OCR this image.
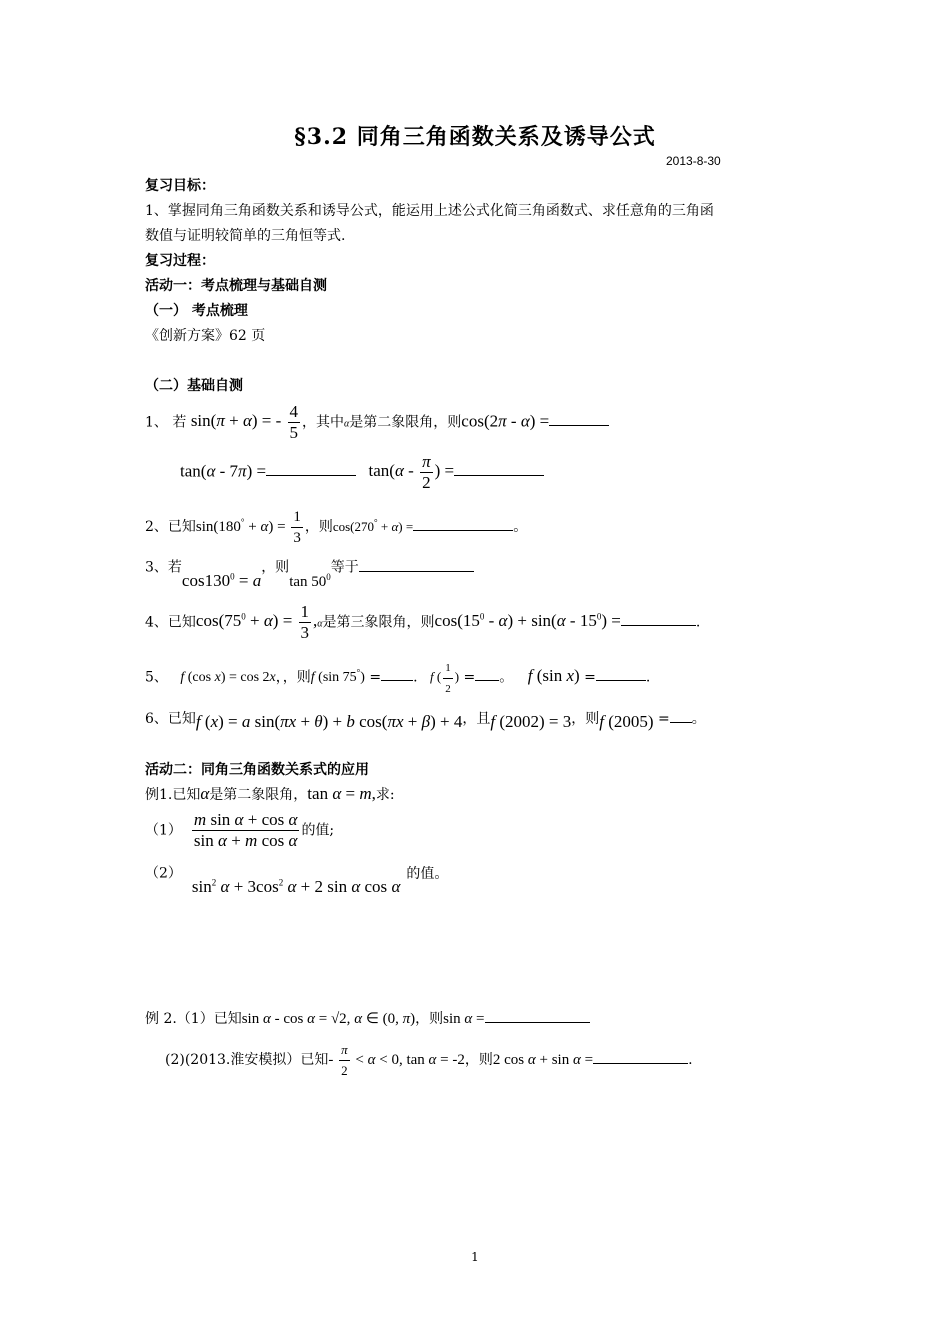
§3.2 同角三角函数关系及诱导公式
2013-8-30
复习目标：
1、掌握同角三角函数关系和诱导公式，能运用上述公式化简三角函数式、求任意角的三角函
数值与证明较简单的三角恒等式.
复习过程：
活动一：考点梳理与基础自测
（一） 考点梳理
《创新方案》62 页
（二）基础自测
1、 若 sin(π + α) = - $\frac{4}{5}$ ，其中α是第二象限角，则cos(2π - α) =
tan(α - 7π) =	$\tan(\alpha - \frac{\pi}{2}$ ) =
2、已知$\sin(180^\circ + \alpha) = \frac{1}{3}$ ，则cos(270° + α) =	。
3、若$\cos 130^0 = a$，则$\tan 50^0$等于
4、已知$\cos(75^0 + \alpha) = \frac{1}{3} ,\alpha$是第三象限角，则$\cos(15^0 - \alpha) + \sin(\alpha - 15^0)$ =	.
5、 f (cos x) = cos 2x，，则f (sin 75°) = . f ( $\frac{1}{2}$ ) = 。 f (sin x) =	.
6、已知f (x) = a sin(πx + θ) + b cos(πx + β) + 4，且f (2002) = 3，则f (2005) = 。
活动二：同角三角函数关系式的应用
例1.已知α是第二象限角，tan α = m,求:
$(1) \frac{\text{m sin α + cos α}}{\text{sin α + m cos α}}$ 的值;
$(2)\sin^2$ $\alpha + 3\cos^2$ α + 2 sin α cos α的值。
例 2.（1）已知sin α - cos α = √2, α ∈ (0, π)，则sin α =
(2)(2013.淮安模拟）已知- $\frac{\pi}{2} < \alpha < 0$, tan α = -2，则2 cos α + sin α =	.
1
